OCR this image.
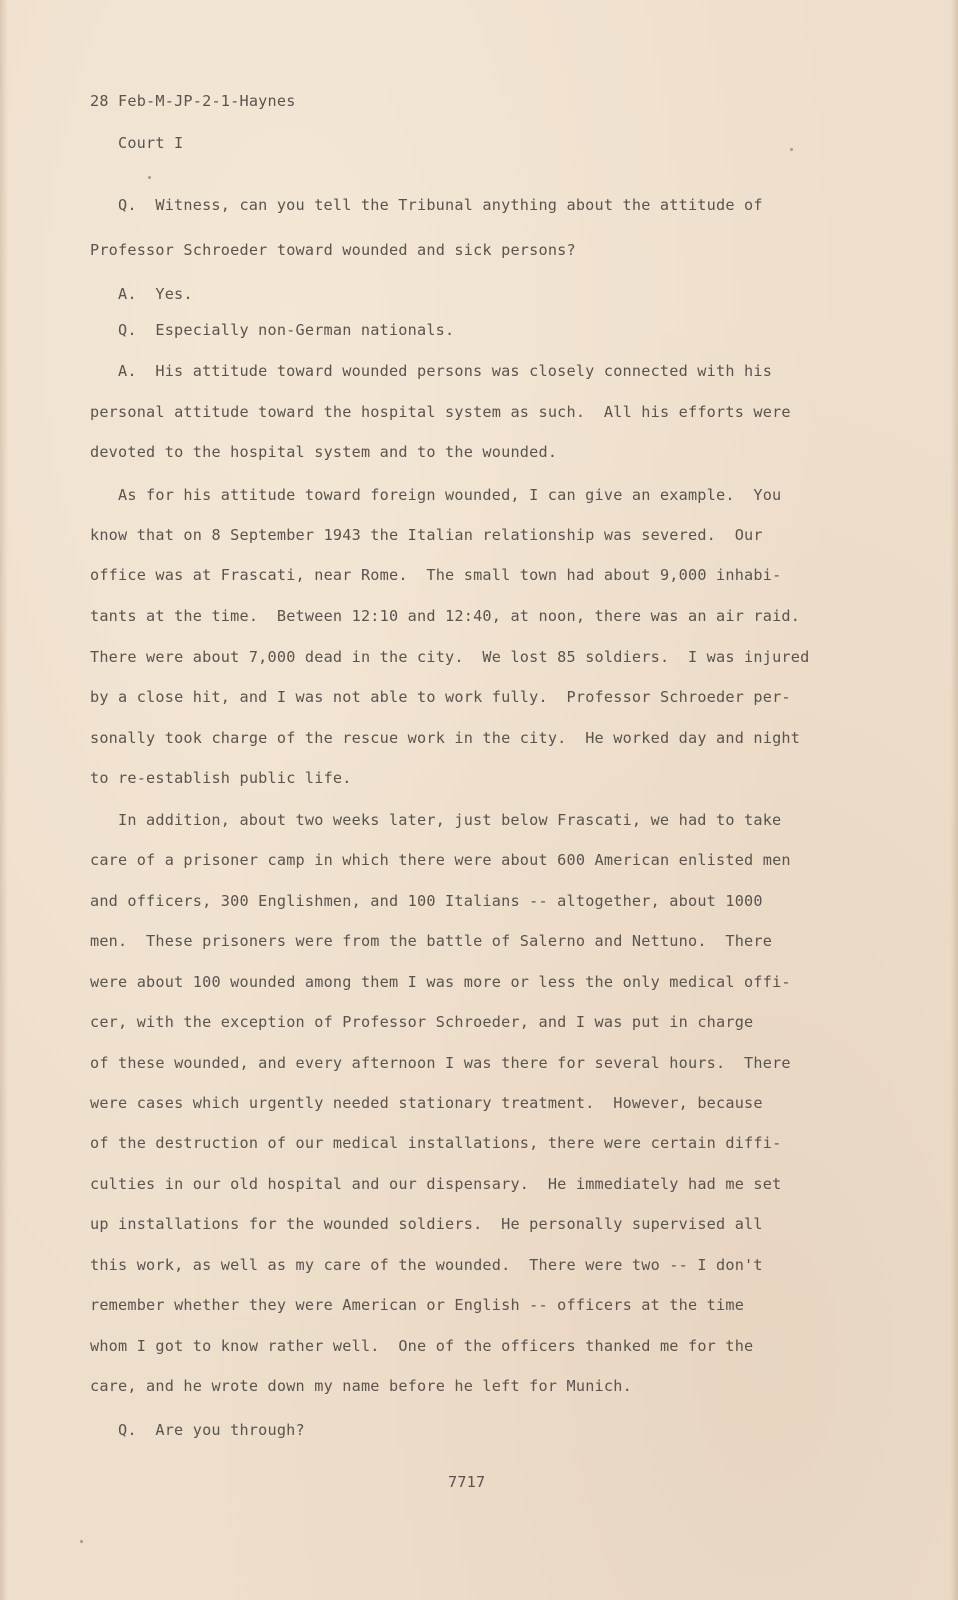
28 Feb-M-JP-2-1-Haynes
Court I
Q.  Witness, can you tell the Tribunal anything about the attitude of
Professor Schroeder toward wounded and sick persons?
A.  Yes.
Q.  Especially non-German nationals.
A.  His attitude toward wounded persons was closely connected with his
personal attitude toward the hospital system as such.  All his efforts were
devoted to the hospital system and to the wounded.
As for his attitude toward foreign wounded, I can give an example.  You
know that on 8 September 1943 the Italian relationship was severed.  Our
office was at Frascati, near Rome.  The small town had about 9,000 inhabi-
tants at the time.  Between 12:10 and 12:40, at noon, there was an air raid.
There were about 7,000 dead in the city.  We lost 85 soldiers.  I was injured
by a close hit, and I was not able to work fully.  Professor Schroeder per-
sonally took charge of the rescue work in the city.  He worked day and night
to re-establish public life.
In addition, about two weeks later, just below Frascati, we had to take
care of a prisoner camp in which there were about 600 American enlisted men
and officers, 300 Englishmen, and 100 Italians -- altogether, about 1000
men.  These prisoners were from the battle of Salerno and Nettuno.  There
were about 100 wounded among them I was more or less the only medical offi-
cer, with the exception of Professor Schroeder, and I was put in charge
of these wounded, and every afternoon I was there for several hours.  There
were cases which urgently needed stationary treatment.  However, because
of the destruction of our medical installations, there were certain diffi-
culties in our old hospital and our dispensary.  He immediately had me set
up installations for the wounded soldiers.  He personally supervised all
this work, as well as my care of the wounded.  There were two -- I don't
remember whether they were American or English -- officers at the time
whom I got to know rather well.  One of the officers thanked me for the
care, and he wrote down my name before he left for Munich.
Q.  Are you through?
7717
